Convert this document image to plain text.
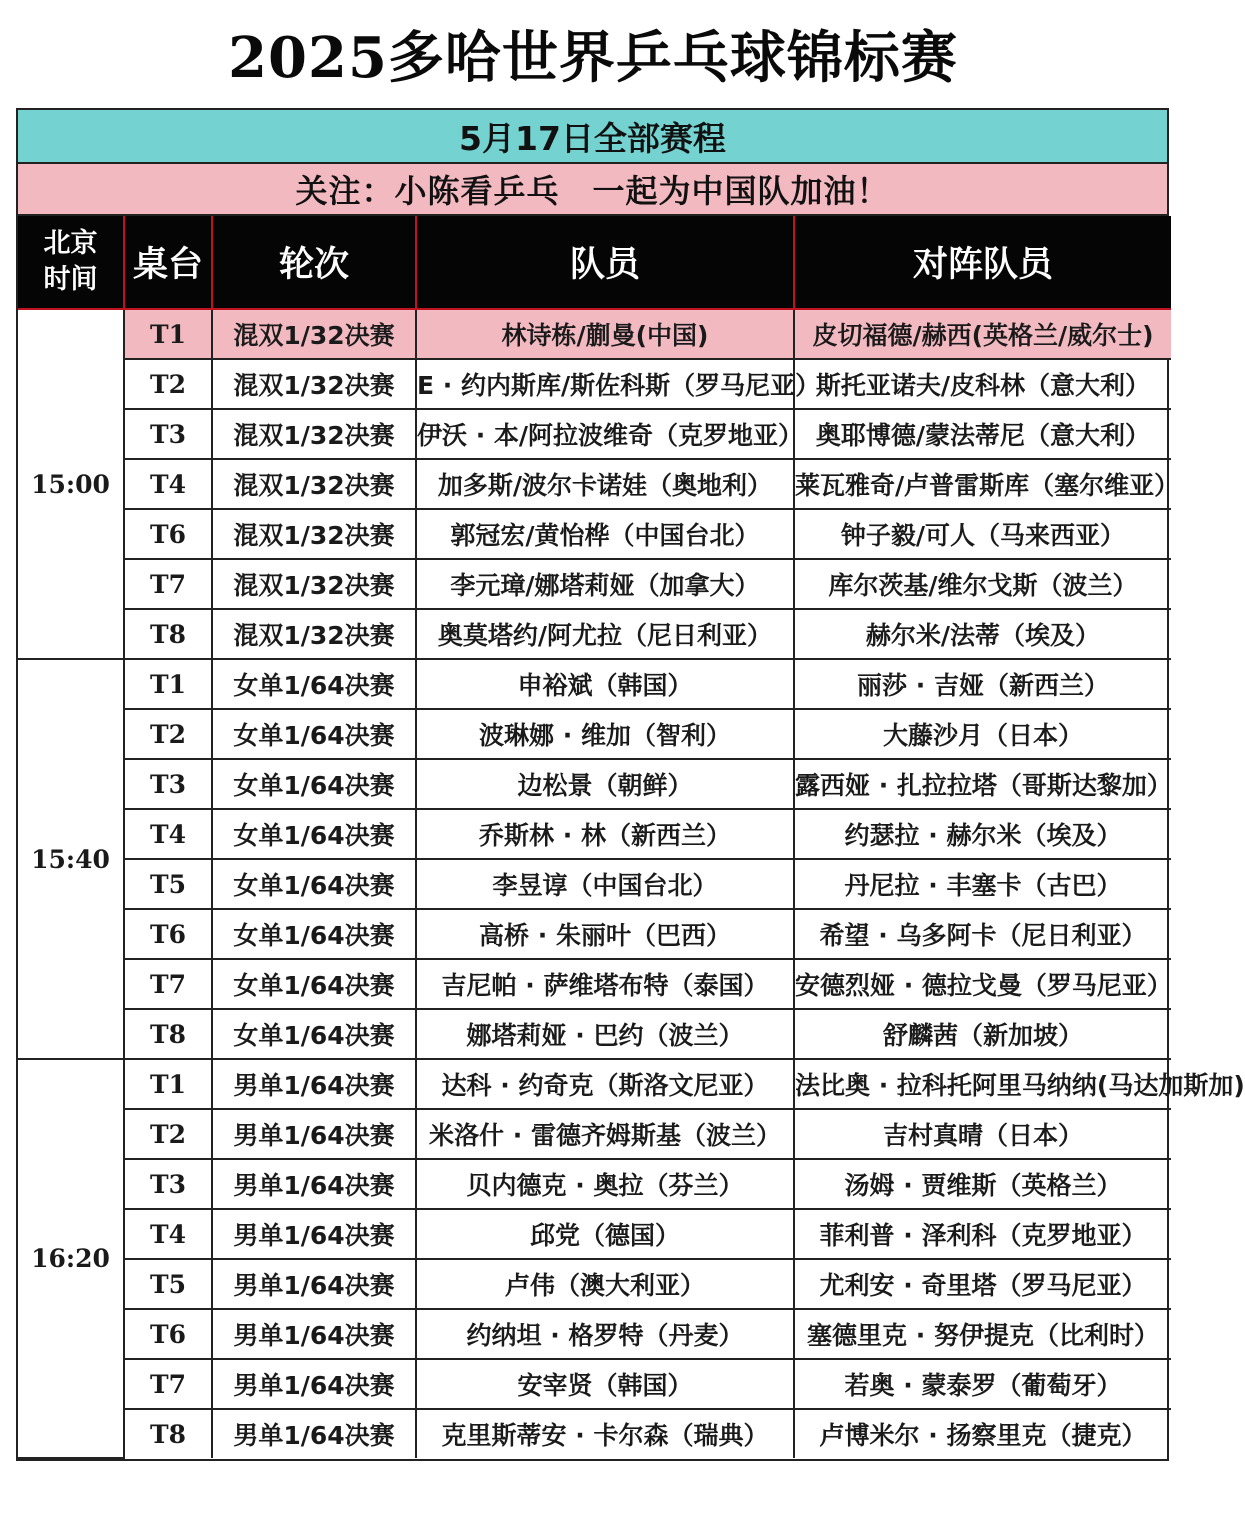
2025多哈世界乒乓球锦标赛
5月17日全部赛程
关注：小陈看乒乓　一起为中国队加油！
北京
时间	桌台	轮次	队员	对阵队员
15:00	T1	混双1/32决赛	林诗栋/蒯曼(中国)	皮切福德/赫西(英格兰/威尔士)
	T2	混双1/32决赛	E · 约内斯库/斯佐科斯（罗马尼亚）	斯托亚诺夫/皮科林（意大利）
	T3	混双1/32决赛	伊沃 · 本/阿拉波维奇（克罗地亚）	奥耶博德/蒙法蒂尼（意大利）
	T4	混双1/32决赛	加多斯/波尔卡诺娃（奥地利）	莱瓦雅奇/卢普雷斯库（塞尔维亚）
	T6	混双1/32决赛	郭冠宏/黄怡桦（中国台北）	钟子毅/可人（马来西亚）
	T7	混双1/32决赛	李元璋/娜塔莉娅（加拿大）	库尔茨基/维尔戈斯（波兰）
	T8	混双1/32决赛	奥莫塔约/阿尤拉（尼日利亚）	赫尔米/法蒂（埃及）
15:40	T1	女单1/64决赛	申裕斌（韩国）	丽莎 · 吉娅（新西兰）
	T2	女单1/64决赛	波琳娜 · 维加（智利）	大藤沙月（日本）
	T3	女单1/64决赛	边松景（朝鲜）	露西娅 · 扎拉拉塔（哥斯达黎加）
	T4	女单1/64决赛	乔斯林 · 林（新西兰）	约瑟拉 · 赫尔米（埃及）
	T5	女单1/64决赛	李昱谆（中国台北）	丹尼拉 · 丰塞卡（古巴）
	T6	女单1/64决赛	高桥 · 朱丽叶（巴西）	希望 · 乌多阿卡（尼日利亚）
	T7	女单1/64决赛	吉尼帕 · 萨维塔布特（泰国）	安德烈娅 · 德拉戈曼（罗马尼亚）
	T8	女单1/64决赛	娜塔莉娅 · 巴约（波兰）	舒麟茜（新加坡）
16:20	T1	男单1/64决赛	达科 · 约奇克（斯洛文尼亚）	法比奥 · 拉科托阿里马纳纳(马达加斯加)
	T2	男单1/64决赛	米洛什 · 雷德齐姆斯基（波兰）	吉村真晴（日本）
	T3	男单1/64决赛	贝内德克 · 奥拉（芬兰）	汤姆 · 贾维斯（英格兰）
	T4	男单1/64决赛	邱党（德国）	菲利普 · 泽利科（克罗地亚）
	T5	男单1/64决赛	卢伟（澳大利亚）	尤利安 · 奇里塔（罗马尼亚）
	T6	男单1/64决赛	约纳坦 · 格罗特（丹麦）	塞德里克 · 努伊提克（比利时）
	T7	男单1/64决赛	安宰贤（韩国）	若奥 · 蒙泰罗（葡萄牙）
	T8	男单1/64决赛	克里斯蒂安 · 卡尔森（瑞典）	卢博米尔 · 扬察里克（捷克）
